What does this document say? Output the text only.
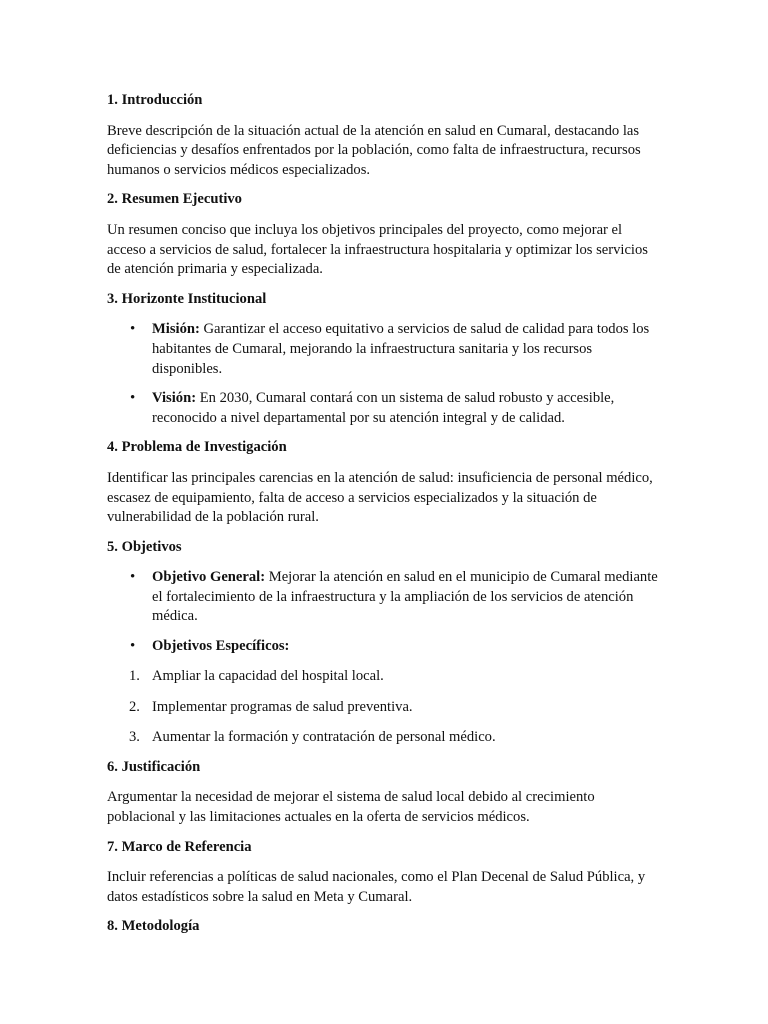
1. Introducción

Breve descripción de la situación actual de la atención en salud en Cumaral, destacando las deficiencias y desafíos enfrentados por la población, como falta de infraestructura, recursos humanos o servicios médicos especializados.

2. Resumen Ejecutivo

Un resumen conciso que incluya los objetivos principales del proyecto, como mejorar el acceso a servicios de salud, fortalecer la infraestructura hospitalaria y optimizar los servicios de atención primaria y especializada.

3. Horizonte Institucional
• Misión: Garantizar el acceso equitativo a servicios de salud de calidad para todos los habitantes de Cumaral, mejorando la infraestructura sanitaria y los recursos disponibles.
• Visión: En 2030, Cumaral contará con un sistema de salud robusto y accesible, reconocido a nivel departamental por su atención integral y de calidad.
4. Problema de Investigación

Identificar las principales carencias en la atención de salud: insuficiencia de personal médico, escasez de equipamiento, falta de acceso a servicios especializados y la situación de vulnerabilidad de la población rural.

5. Objetivos
• Objetivo General: Mejorar la atención en salud en el municipio de Cumaral mediante el fortalecimiento de la infraestructura y la ampliación de los servicios de atención médica.
• Objetivos Específicos:
1. Ampliar la capacidad del hospital local.
2. Implementar programas de salud preventiva.
3. Aumentar la formación y contratación de personal médico.
6. Justificación

Argumentar la necesidad de mejorar el sistema de salud local debido al crecimiento poblacional y las limitaciones actuales en la oferta de servicios médicos.

7. Marco de Referencia

Incluir referencias a políticas de salud nacionales, como el Plan Decenal de Salud Pública, y datos estadísticos sobre la salud en Meta y Cumaral.

8. Metodología
